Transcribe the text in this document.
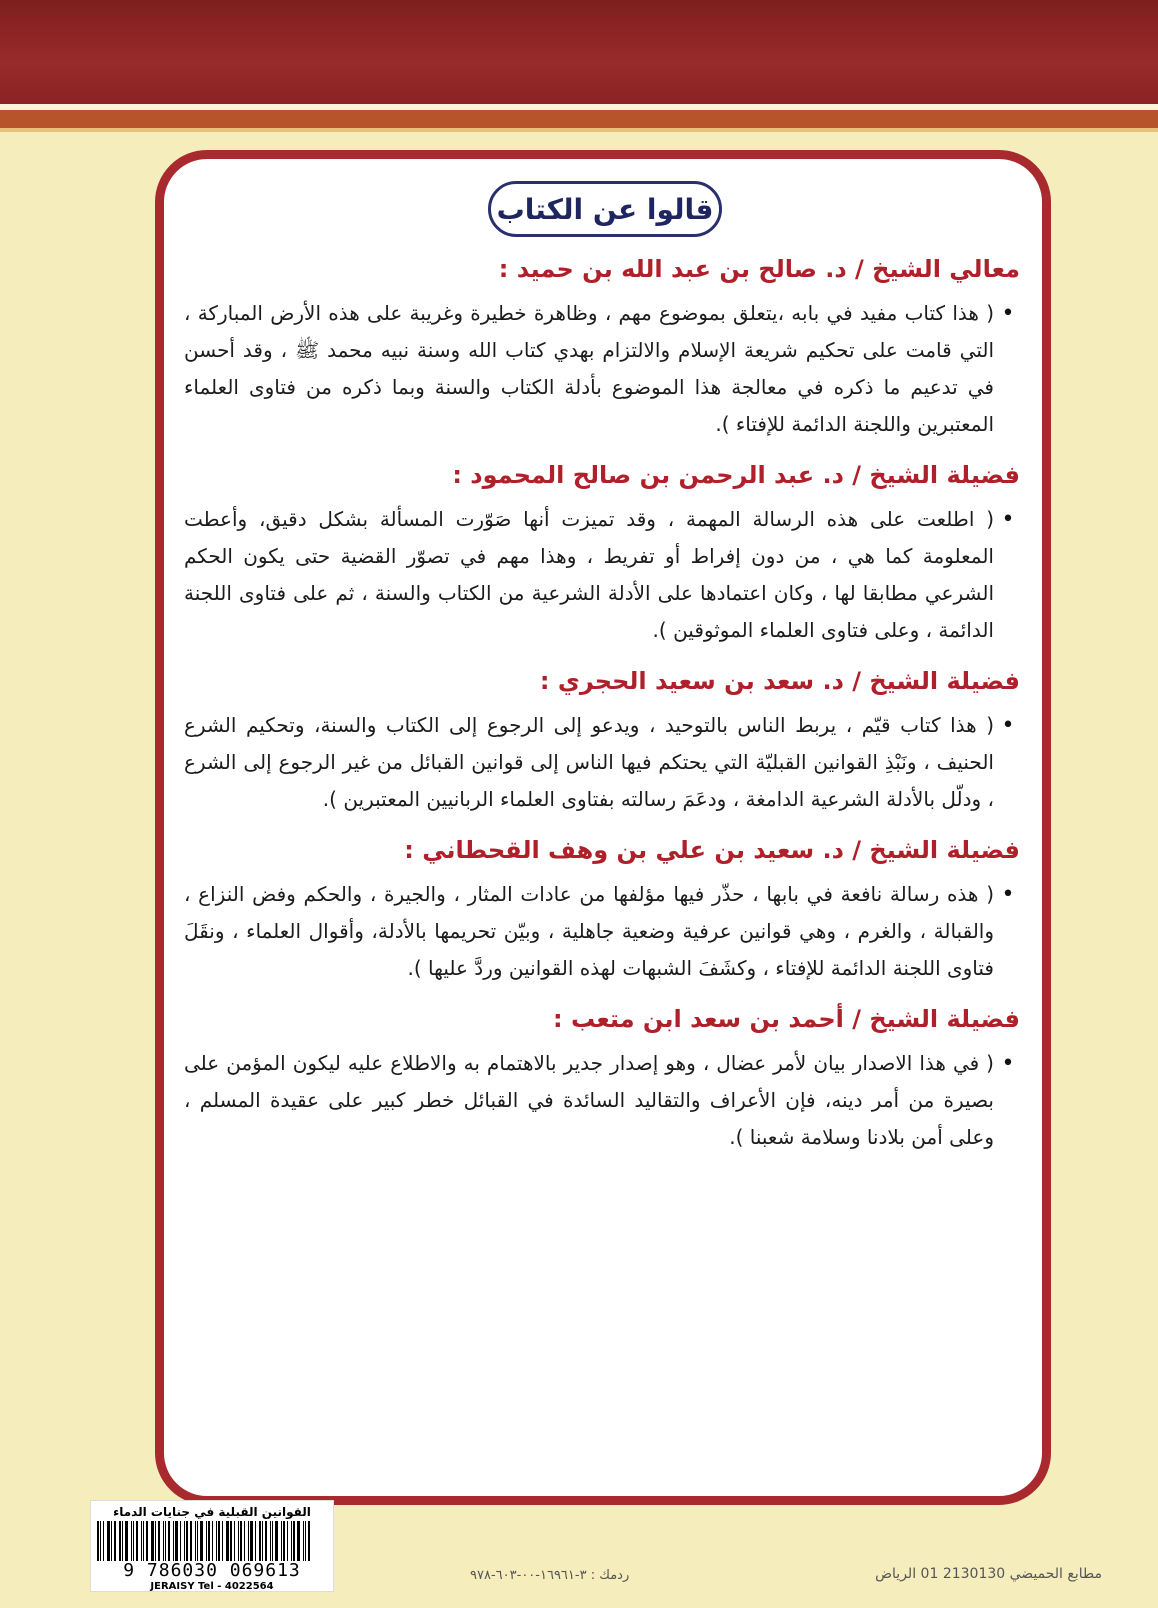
قالوا عن الكتاب
معالي الشيخ / د. صالح بن عبد الله بن حميد :
•
( هذا كتاب مفيد في بابه ،يتعلق بموضوع مهم ، وظاهرة خطيرة وغريبة على هذه الأرض المباركة ، التي قامت على تحكيم شريعة الإسلام والالتزام بهدي كتاب الله وسنة نبيه محمد ﷺ ، وقد أحسن في تدعيم ما ذكره في معالجة هذا الموضوع بأدلة الكتاب والسنة وبما ذكره من فتاوى العلماء المعتبرين واللجنة الدائمة للإفتاء ).
فضيلة الشيخ / د. عبد الرحمن بن صالح المحمود :
•
( اطلعت على هذه الرسالة المهمة ، وقد تميزت أنها صَوّرت المسألة بشكل دقيق، وأعطت المعلومة كما هي ، من دون إفراط أو تفريط ، وهذا مهم في تصوّر القضية حتى يكون الحكم الشرعي مطابقا لها ، وكان اعتمادها على الأدلة الشرعية من الكتاب والسنة ، ثم على فتاوى اللجنة الدائمة ، وعلى فتاوى العلماء الموثوقين ).
فضيلة الشيخ / د. سعد بن سعيد الحجري :
•
( هذا كتاب قيّم ، يربط الناس بالتوحيد ، ويدعو إلى الرجوع إلى الكتاب والسنة، وتحكيم الشرع الحنيف ، ونَبْذِ القوانين القبليّة التي يحتكم فيها الناس إلى قوانين القبائل من غير الرجوع إلى الشرع ، ودلّل بالأدلة الشرعية الدامغة ، ودعَمَ رسالته بفتاوى العلماء الربانيين المعتبرين ).
فضيلة الشيخ / د. سعيد بن علي بن وهف القحطاني :
•
( هذه رسالة نافعة في بابها ، حذّر فيها مؤلفها من عادات المثار ، والجيرة ، والحكم وفض النزاع ، والقبالة ، والغرم ، وهي قوانين عرفية وضعية جاهلية ، وبيّن تحريمها بالأدلة، وأقوال العلماء ، ونقَلَ فتاوى اللجنة الدائمة للإفتاء ، وكشَفَ الشبهات لهذه القوانين وردَّ عليها ).
فضيلة الشيخ / أحمد بن سعد ابن متعب :
•
( في هذا الاصدار بيان لأمر عضال ، وهو إصدار جدير بالاهتمام به والاطلاع عليه ليكون المؤمن على بصيرة من أمر دينه، فإن الأعراف والتقاليد السائدة في القبائل خطر كبير على عقيدة المسلم ، وعلى أمن بلادنا وسلامة شعبنا ).
القوانين القبلية في جنايات الدماء
9 786030 069613
JERAISY Tel - 4022564
ردمك : ٣-١٦٩٦١-٠٠-٦٠٣-٩٧٨	مطابع الحميضي 2130130 01 الرياض
